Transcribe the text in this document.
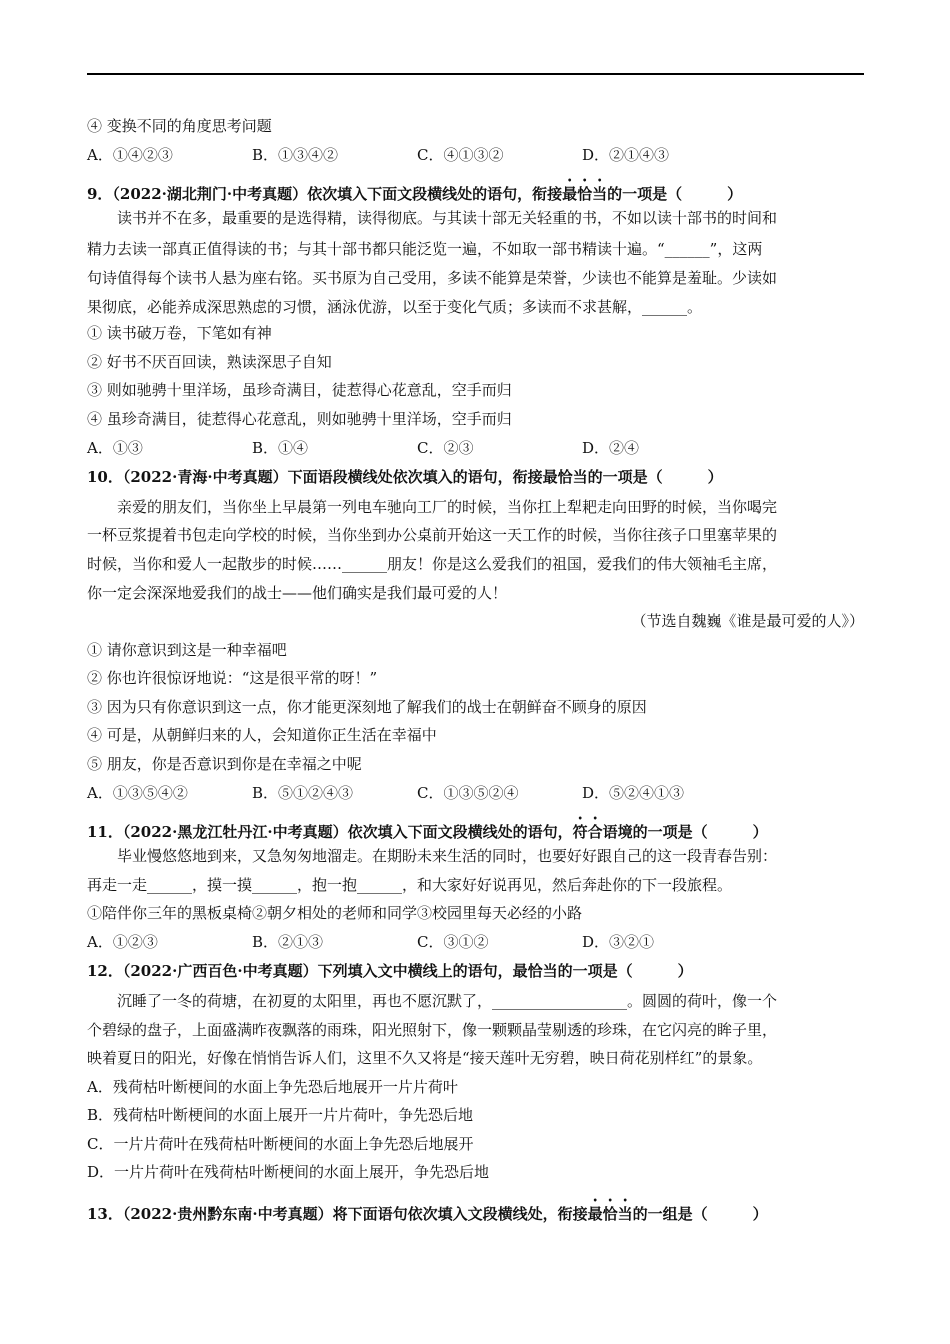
④ 变换不同的角度思考问题
A．①④②③	B．①③④②	C．④①③②	D．②①④③
9．（2022·湖北荆门·中考真题）依次填入下面文段横线处的语句，衔接最恰当的一项是（　　　）
读书并不在多，最重要的是选得精，读得彻底。与其读十部无关轻重的书，不如以读十部书的时间和
精力去读一部真正值得读的书；与其十部书都只能泛览一遍，不如取一部书精读十遍。“______”，这两
句诗值得每个读书人悬为座右铭。买书原为自己受用，多读不能算是荣誉，少读也不能算是羞耻。少读如
果彻底，必能养成深思熟虑的习惯，涵泳优游，以至于变化气质；多读而不求甚解，______。
① 读书破万卷，下笔如有神
② 好书不厌百回读，熟读深思子自知
③ 则如驰骋十里洋场，虽珍奇满目，徒惹得心花意乱，空手而归
④ 虽珍奇满目，徒惹得心花意乱，则如驰骋十里洋场，空手而归
A．①③	B．①④	C．②③	D．②④
10．（2022·青海·中考真题）下面语段横线处依次填入的语句，衔接最恰当的一项是（　　　）
亲爱的朋友们，当你坐上早晨第一列电车驰向工厂的时候，当你扛上犁耙走向田野的时候，当你喝完
一杯豆浆提着书包走向学校的时候，当你坐到办公桌前开始这一天工作的时候，当你往孩子口里塞苹果的
时候，当你和爱人一起散步的时候……______朋友！你是这么爱我们的祖国，爱我们的伟大领袖毛主席，
你一定会深深地爱我们的战士——他们确实是我们最可爱的人！
（节选自魏巍《谁是最可爱的人》）
① 请你意识到这是一种幸福吧
② 你也许很惊讶地说：“这是很平常的呀！”
③ 因为只有你意识到这一点，你才能更深刻地了解我们的战士在朝鲜奋不顾身的原因
④ 可是，从朝鲜归来的人，会知道你正生活在幸福中
⑤ 朋友，你是否意识到你是在幸福之中呢
A．①③⑤④②	B．⑤①②④③	C．①③⑤②④	D．⑤②④①③
11．（2022·黑龙江牡丹江·中考真题）依次填入下面文段横线处的语句，符合语境的一项是（　　　）
毕业慢悠悠地到来，又急匆匆地溜走。在期盼未来生活的同时，也要好好跟自己的这一段青春告别：
再走一走______，摸一摸______，抱一抱______，和大家好好说再见，然后奔赴你的下一段旅程。
①陪伴你三年的黑板桌椅②朝夕相处的老师和同学③校园里每天必经的小路
A．①②③	B．②①③	C．③①②	D．③②①
12．（2022·广西百色·中考真题）下列填入文中横线上的语句，最恰当的一项是（　　　）
沉睡了一冬的荷塘，在初夏的太阳里，再也不愿沉默了，__________________。圆圆的荷叶，像一个
个碧绿的盘子，上面盛满昨夜飘落的雨珠，阳光照射下，像一颗颗晶莹剔透的珍珠，在它闪亮的眸子里，
映着夏日的阳光，好像在悄悄告诉人们，这里不久又将是“接天莲叶无穷碧，映日荷花别样红”的景象。
A．残荷枯叶断梗间的水面上争先恐后地展开一片片荷叶
B．残荷枯叶断梗间的水面上展开一片片荷叶，争先恐后地
C．一片片荷叶在残荷枯叶断梗间的水面上争先恐后地展开
D．一片片荷叶在残荷枯叶断梗间的水面上展开，争先恐后地
13．（2022·贵州黔东南·中考真题）将下面语句依次填入文段横线处，衔接最恰当的一组是（　　　）
